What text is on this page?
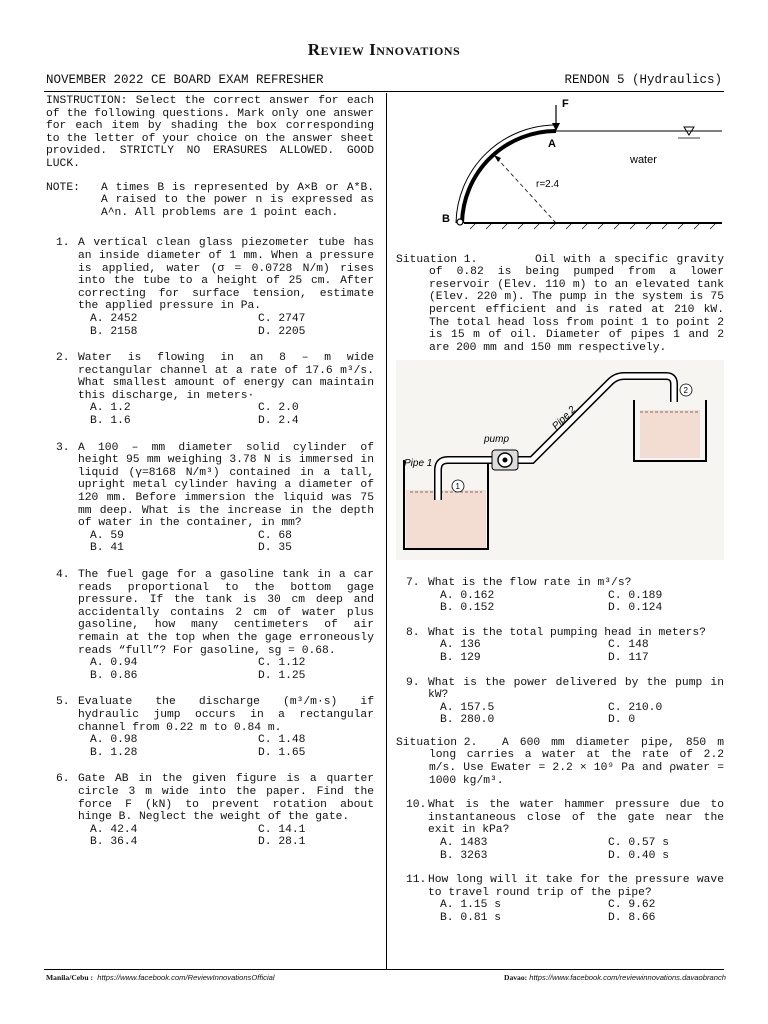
Review Innovations
NOVEMBER 2022 CE BOARD EXAM REFRESHER	RENDON 5 (Hydraulics)
INSTRUCTION: Select the correct answer for each of the following questions. Mark only one answer for each item by shading the box corresponding to the letter of your choice on the answer sheet provided. STRICTLY NO ERASURES ALLOWED. GOOD LUCK.
NOTE:	A times B is represented by A×B or A*B. A raised to the power n is expressed as A^n. All problems are 1 point each.
1. A vertical clean glass piezometer tube has an inside diameter of 1 mm. When a pressure is applied, water (σ = 0.0728 N/m) rises into the tube to a height of 25 cm. After correcting for surface tension, estimate the applied pressure in Pa.
A. 2452	C. 2747
B. 2158	D. 2205
2. Water is flowing in an 8 – m wide rectangular channel at a rate of 17.6 m³/s. What smallest amount of energy can maintain this discharge, in meters·
A. 1.2	C. 2.0
B. 1.6	D. 2.4
3. A 100 – mm diameter solid cylinder of height 95 mm weighing 3.78 N is immersed in liquid (γ=8168 N/m³) contained in a tall, upright metal cylinder having a diameter of 120 mm. Before immersion the liquid was 75 mm deep. What is the increase in the depth of water in the container, in mm?
A. 59	C. 68
B. 41	D. 35
4. The fuel gage for a gasoline tank in a car reads proportional to the bottom gage pressure. If the tank is 30 cm deep and accidentally contains 2 cm of water plus gasoline, how many centimeters of air remain at the top when the gage erroneously reads “full”? For gasoline, sg = 0.68.
A. 0.94	C. 1.12
B. 0.86	D. 1.25
5. Evaluate the discharge (m³/m·s) if hydraulic jump occurs in a rectangular channel from 0.22 m to 0.84 m.
A. 0.98	C. 1.48
B. 1.28	D. 1.65
6. Gate AB in the given figure is a quarter circle 3 m wide into the paper. Find the force F (kN) to prevent rotation about hinge B. Neglect the weight of the gate.
A. 42.4	C. 14.1
B. 36.4	D. 28.1
F
A
B
water
r=2.4
Situation 1.	Oil with a specific gravity of 0.82 is being pumped from a lower reservoir (Elev. 110 m) to an elevated tank (Elev. 220 m). The pump in the system is 75 percent efficient and is rated at 210 kW. The total head loss from point 1 to point 2 is 15 m of oil. Diameter of pipes 1 and 2 are 200 mm and 150 mm respectively.
1
2
Pipe 1
pump
Pipe 2
7. What is the flow rate in m³/s?
A. 0.162	C. 0.189
B. 0.152	D. 0.124
8. What is the total pumping head in meters?
A. 136	C. 148
B. 129	D. 117
9. What is the power delivered by the pump in kW?
A. 157.5	C. 210.0
B. 280.0	D. 0
Situation 2. A 600 mm diameter pipe, 850 m long carries a water at the rate of 2.2 m/s. Use Ewater = 2.2 × 10⁹ Pa and ρwater = 1000 kg/m³.
10. What is the water hammer pressure due to instantaneous close of the gate near the exit in kPa?
A. 1483	C. 0.57 s
B. 3263	D. 0.40 s
11. How long will it take for the pressure wave to travel round trip of the pipe?
A. 1.15 s	C. 9.62
B. 0.81 s	D. 8.66
Manila/Cebu : https://www.facebook.com/ReviewInnovationsOfficial	Davao: https://www.facebook.com/reviewinnovations.davaobranch
